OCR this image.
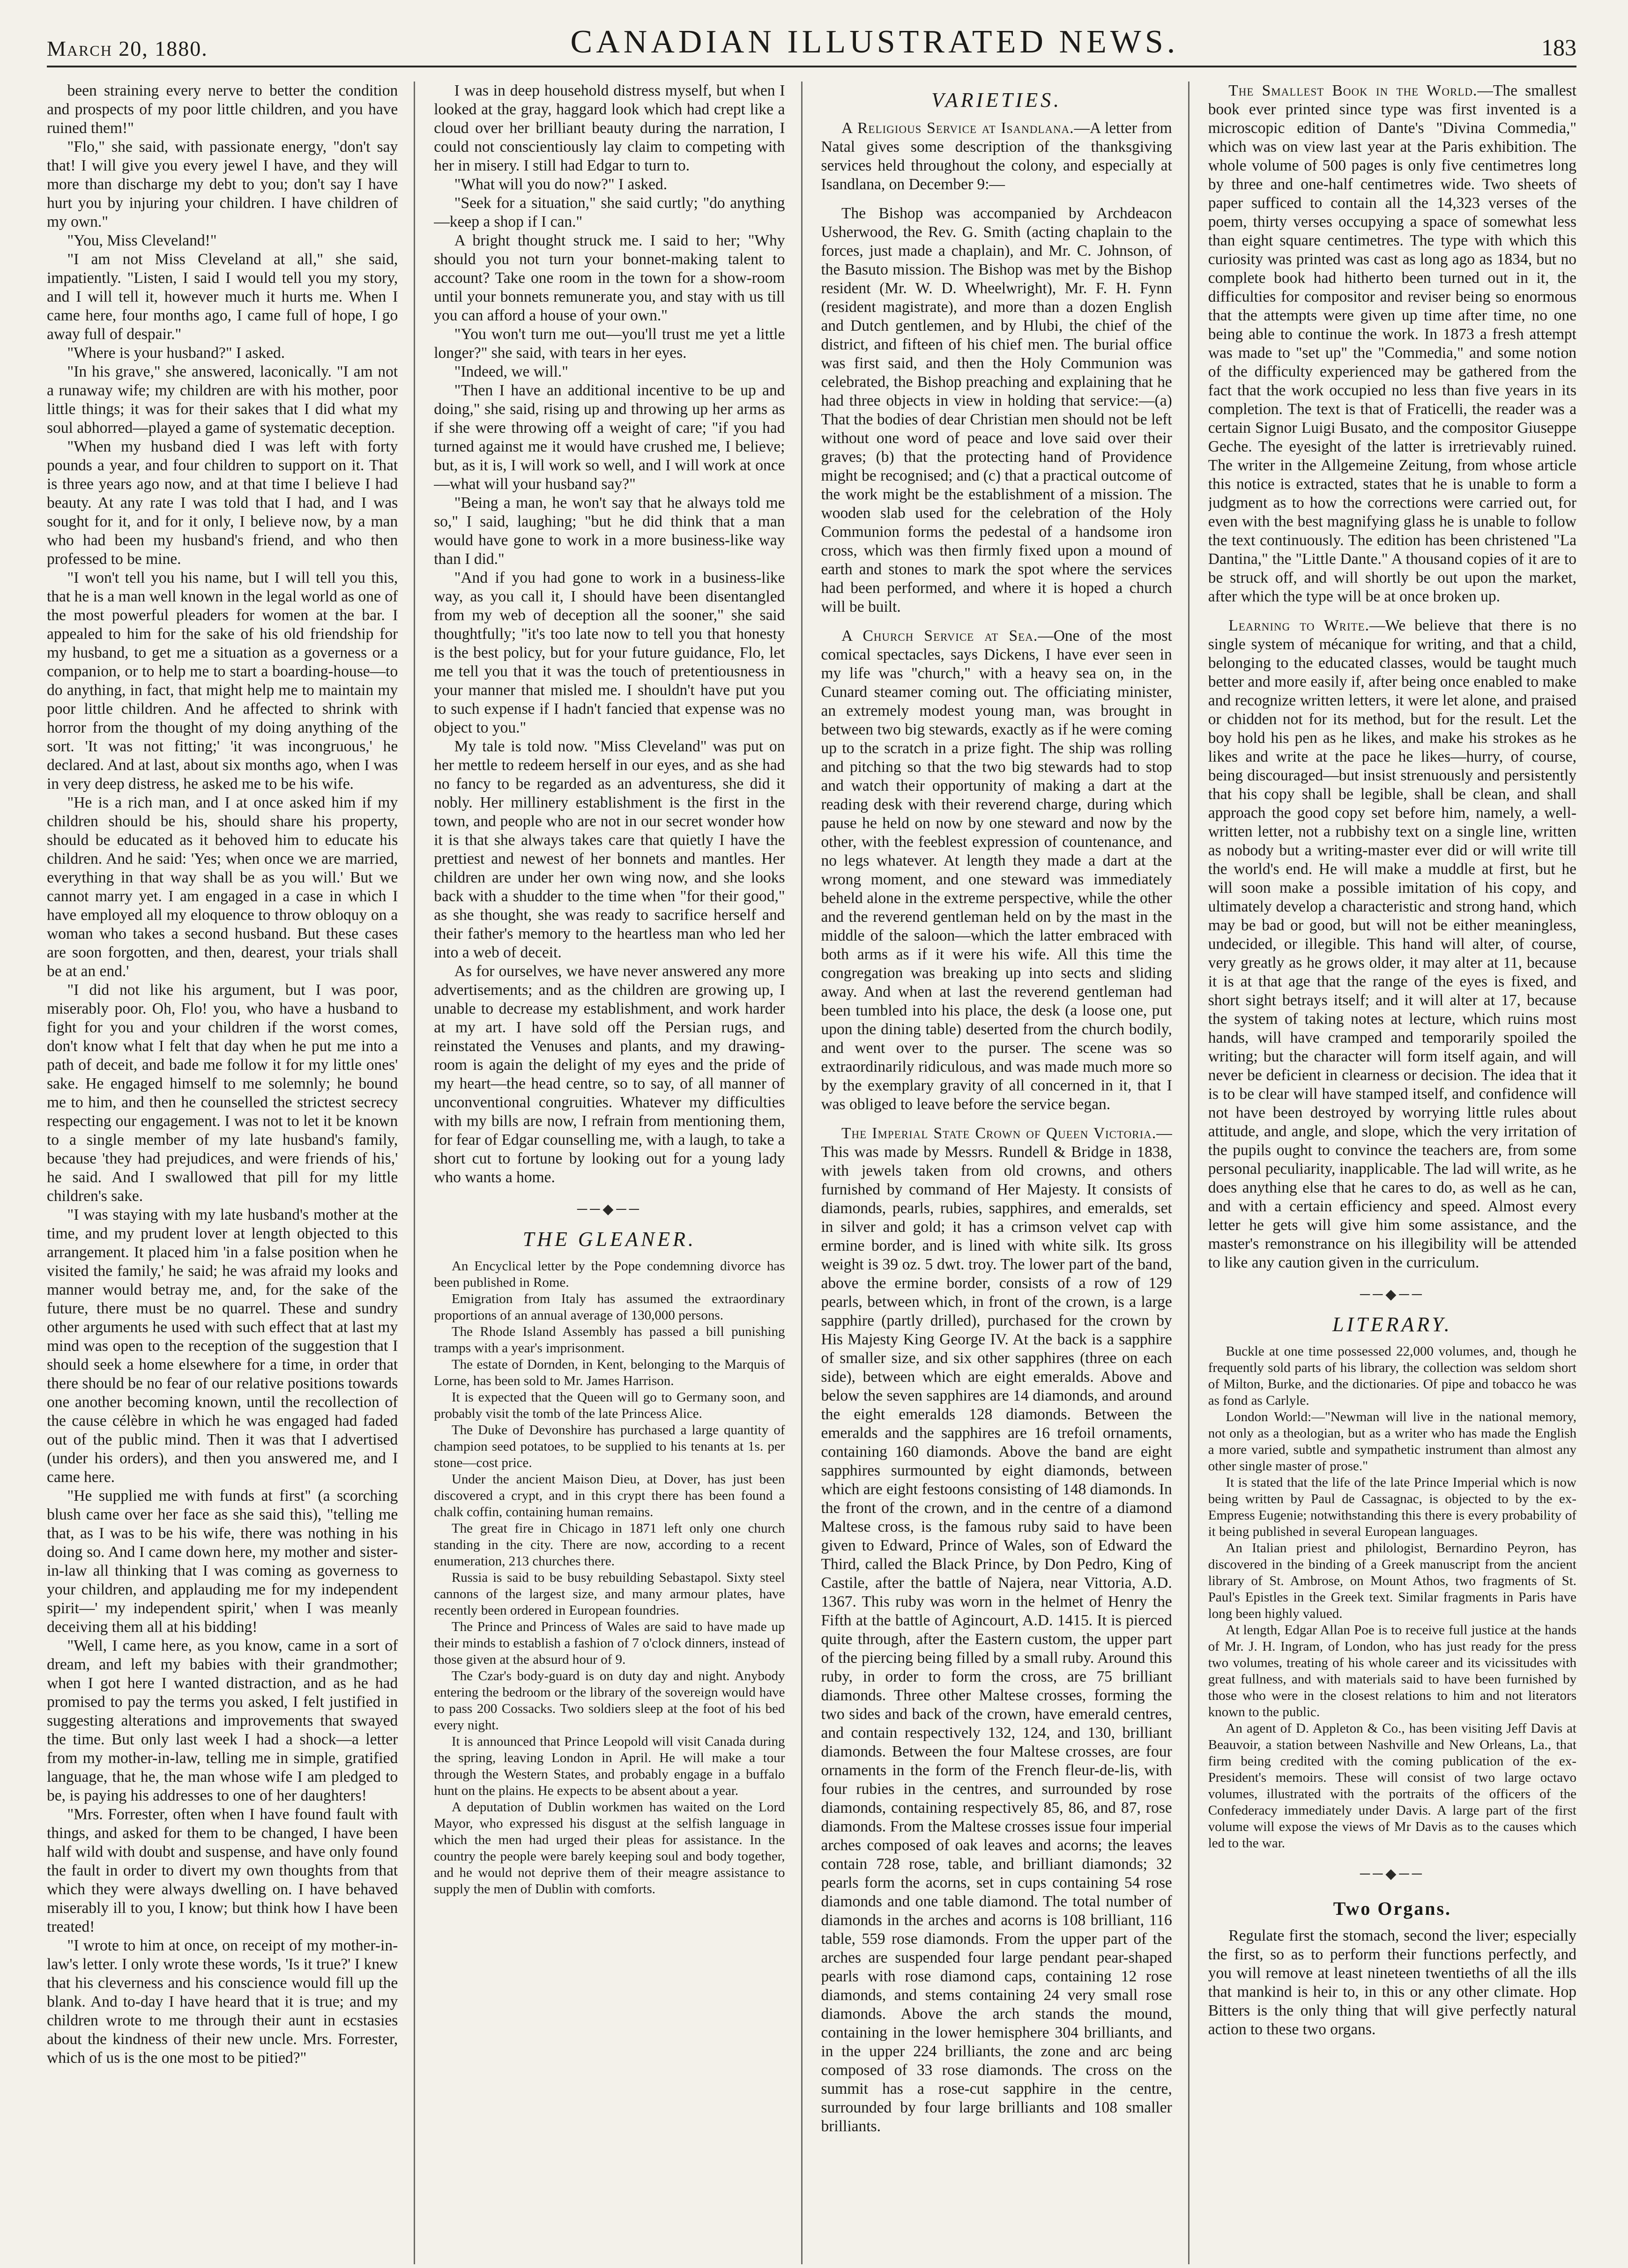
March 20, 1880.	CANADIAN ILLUSTRATED NEWS.	183

been straining every nerve to better the condition and prospects of my poor little children, and you have ruined them!"

"Flo," she said, with passionate energy, "don't say that! I will give you every jewel I have, and they will more than discharge my debt to you; don't say I have hurt you by injuring your children. I have children of my own."

"You, Miss Cleveland!"

"I am not Miss Cleveland at all," she said, impatiently. "Listen, I said I would tell you my story, and I will tell it, however much it hurts me. When I came here, four months ago, I came full of hope, I go away full of despair."

"Where is your husband?" I asked.

"In his grave," she answered, laconically. "I am not a runaway wife; my children are with his mother, poor little things; it was for their sakes that I did what my soul abhorred—played a game of systematic deception.

"When my husband died I was left with forty pounds a year, and four children to support on it. That is three years ago now, and at that time I believe I had beauty. At any rate I was told that I had, and I was sought for it, and for it only, I believe now, by a man who had been my husband's friend, and who then professed to be mine.

"I won't tell you his name, but I will tell you this, that he is a man well known in the legal world as one of the most powerful pleaders for women at the bar. I appealed to him for the sake of his old friendship for my husband, to get me a situation as a governess or a companion, or to help me to start a boarding-house—to do anything, in fact, that might help me to maintain my poor little children. And he affected to shrink with horror from the thought of my doing anything of the sort. 'It was not fitting;' 'it was incongruous,' he declared. And at last, about six months ago, when I was in very deep distress, he asked me to be his wife.

"He is a rich man, and I at once asked him if my children should be his, should share his property, should be educated as it behoved him to educate his children. And he said: 'Yes; when once we are married, everything in that way shall be as you will.' But we cannot marry yet. I am engaged in a case in which I have employed all my eloquence to throw obloquy on a woman who takes a second husband. But these cases are soon forgotten, and then, dearest, your trials shall be at an end.'

"I did not like his argument, but I was poor, miserably poor. Oh, Flo! you, who have a husband to fight for you and your children if the worst comes, don't know what I felt that day when he put me into a path of deceit, and bade me follow it for my little ones' sake. He engaged himself to me solemnly; he bound me to him, and then he counselled the strictest secrecy respecting our engagement. I was not to let it be known to a single member of my late husband's family, because 'they had prejudices, and were friends of his,' he said. And I swallowed that pill for my little children's sake.

"I was staying with my late husband's mother at the time, and my prudent lover at length objected to this arrangement. It placed him 'in a false position when he visited the family,' he said; he was afraid my looks and manner would betray me, and, for the sake of the future, there must be no quarrel. These and sundry other arguments he used with such effect that at last my mind was open to the reception of the suggestion that I should seek a home elsewhere for a time, in order that there should be no fear of our relative positions towards one another becoming known, until the recollection of the cause célèbre in which he was engaged had faded out of the public mind. Then it was that I advertised (under his orders), and then you answered me, and I came here.

"He supplied me with funds at first" (a scorching blush came over her face as she said this), "telling me that, as I was to be his wife, there was nothing in his doing so. And I came down here, my mother and sister-in-law all thinking that I was coming as governess to your children, and applauding me for my independent spirit—' my independent spirit,' when I was meanly deceiving them all at his bidding!

"Well, I came here, as you know, came in a sort of dream, and left my babies with their grandmother; when I got here I wanted distraction, and as he had promised to pay the terms you asked, I felt justified in suggesting alterations and improvements that swayed the time. But only last week I had a shock—a letter from my mother-in-law, telling me in simple, gratified language, that he, the man whose wife I am pledged to be, is paying his addresses to one of her daughters!

"Mrs. Forrester, often when I have found fault with things, and asked for them to be changed, I have been half wild with doubt and suspense, and have only found the fault in order to divert my own thoughts from that which they were always dwelling on. I have behaved miserably ill to you, I know; but think how I have been treated!

"I wrote to him at once, on receipt of my mother-in-law's letter. I only wrote these words, 'Is it true?' I knew that his cleverness and his conscience would fill up the blank. And to-day I have heard that it is true; and my children wrote to me through their aunt in ecstasies about the kindness of their new uncle. Mrs. Forrester, which of us is the one most to be pitied?"

I was in deep household distress myself, but when I looked at the gray, haggard look which had crept like a cloud over her brilliant beauty during the narration, I could not conscientiously lay claim to competing with her in misery. I still had Edgar to turn to.

"What will you do now?" I asked.

"Seek for a situation," she said curtly; "do anything—keep a shop if I can."

A bright thought struck me. I said to her; "Why should you not turn your bonnet-making talent to account? Take one room in the town for a show-room until your bonnets remunerate you, and stay with us till you can afford a house of your own."

"You won't turn me out—you'll trust me yet a little longer?" she said, with tears in her eyes.

"Indeed, we will."

"Then I have an additional incentive to be up and doing," she said, rising up and throwing up her arms as if she were throwing off a weight of care; "if you had turned against me it would have crushed me, I believe; but, as it is, I will work so well, and I will work at once—what will your husband say?"

"Being a man, he won't say that he always told me so," I said, laughing; "but he did think that a man would have gone to work in a more business-like way than I did."

"And if you had gone to work in a business-like way, as you call it, I should have been disentangled from my web of deception all the sooner," she said thoughtfully; "it's too late now to tell you that honesty is the best policy, but for your future guidance, Flo, let me tell you that it was the touch of pretentiousness in your manner that misled me. I shouldn't have put you to such expense if I hadn't fancied that expense was no object to you."

My tale is told now. "Miss Cleveland" was put on her mettle to redeem herself in our eyes, and as she had no fancy to be regarded as an adventuress, she did it nobly. Her millinery establishment is the first in the town, and people who are not in our secret wonder how it is that she always takes care that quietly I have the prettiest and newest of her bonnets and mantles. Her children are under her own wing now, and she looks back with a shudder to the time when "for their good," as she thought, she was ready to sacrifice herself and their father's memory to the heartless man who led her into a web of deceit.

As for ourselves, we have never answered any more advertisements; and as the children are growing up, I unable to decrease my establishment, and work harder at my art. I have sold off the Persian rugs, and reinstated the Venuses and plants, and my drawing-room is again the delight of my eyes and the pride of my heart—the head centre, so to say, of all manner of unconventional congruities. Whatever my difficulties with my bills are now, I refrain from mentioning them, for fear of Edgar counselling me, with a laugh, to take a short cut to fortune by looking out for a young lady who wants a home.

──◆──
THE GLEANER.

An Encyclical letter by the Pope condemning divorce has been published in Rome.

Emigration from Italy has assumed the extraordinary proportions of an annual average of 130,000 persons.

The Rhode Island Assembly has passed a bill punishing tramps with a year's imprisonment.

The estate of Dornden, in Kent, belonging to the Marquis of Lorne, has been sold to Mr. James Harrison.

It is expected that the Queen will go to Germany soon, and probably visit the tomb of the late Princess Alice.

The Duke of Devonshire has purchased a large quantity of champion seed potatoes, to be supplied to his tenants at 1s. per stone—cost price.

Under the ancient Maison Dieu, at Dover, has just been discovered a crypt, and in this crypt there has been found a chalk coffin, containing human remains.

The great fire in Chicago in 1871 left only one church standing in the city. There are now, according to a recent enumeration, 213 churches there.

Russia is said to be busy rebuilding Sebastapol. Sixty steel cannons of the largest size, and many armour plates, have recently been ordered in European foundries.

The Prince and Princess of Wales are said to have made up their minds to establish a fashion of 7 o'clock dinners, instead of those given at the absurd hour of 9.

The Czar's body-guard is on duty day and night. Anybody entering the bedroom or the library of the sovereign would have to pass 200 Cossacks. Two soldiers sleep at the foot of his bed every night.

It is announced that Prince Leopold will visit Canada during the spring, leaving London in April. He will make a tour through the Western States, and probably engage in a buffalo hunt on the plains. He expects to be absent about a year.

A deputation of Dublin workmen has waited on the Lord Mayor, who expressed his disgust at the selfish language in which the men had urged their pleas for assistance. In the country the people were barely keeping soul and body together, and he would not deprive them of their meagre assistance to supply the men of Dublin with comforts.

VARIETIES.

A Religious Service at Isandlana.—A letter from Natal gives some description of the thanksgiving services held throughout the colony, and especially at Isandlana, on December 9:—

The Bishop was accompanied by Archdeacon Usherwood, the Rev. G. Smith (acting chaplain to the forces, just made a chaplain), and Mr. C. Johnson, of the Basuto mission. The Bishop was met by the Bishop resident (Mr. W. D. Wheelwright), Mr. F. H. Fynn (resident magistrate), and more than a dozen English and Dutch gentlemen, and by Hlubi, the chief of the district, and fifteen of his chief men. The burial office was first said, and then the Holy Communion was celebrated, the Bishop preaching and explaining that he had three objects in view in holding that service:—(a) That the bodies of dear Christian men should not be left without one word of peace and love said over their graves; (b) that the protecting hand of Providence might be recognised; and (c) that a practical outcome of the work might be the establishment of a mission. The wooden slab used for the celebration of the Holy Communion forms the pedestal of a handsome iron cross, which was then firmly fixed upon a mound of earth and stones to mark the spot where the services had been performed, and where it is hoped a church will be built.

A Church Service at Sea.—One of the most comical spectacles, says Dickens, I have ever seen in my life was "church," with a heavy sea on, in the Cunard steamer coming out. The officiating minister, an extremely modest young man, was brought in between two big stewards, exactly as if he were coming up to the scratch in a prize fight. The ship was rolling and pitching so that the two big stewards had to stop and watch their opportunity of making a dart at the reading desk with their reverend charge, during which pause he held on now by one steward and now by the other, with the feeblest expression of countenance, and no legs whatever. At length they made a dart at the wrong moment, and one steward was immediately beheld alone in the extreme perspective, while the other and the reverend gentleman held on by the mast in the middle of the saloon—which the latter embraced with both arms as if it were his wife. All this time the congregation was breaking up into sects and sliding away. And when at last the reverend gentleman had been tumbled into his place, the desk (a loose one, put upon the dining table) deserted from the church bodily, and went over to the purser. The scene was so extraordinarily ridiculous, and was made much more so by the exemplary gravity of all concerned in it, that I was obliged to leave before the service began.

The Imperial State Crown of Queen Victoria.—This was made by Messrs. Rundell & Bridge in 1838, with jewels taken from old crowns, and others furnished by command of Her Majesty. It consists of diamonds, pearls, rubies, sapphires, and emeralds, set in silver and gold; it has a crimson velvet cap with ermine border, and is lined with white silk. Its gross weight is 39 oz. 5 dwt. troy. The lower part of the band, above the ermine border, consists of a row of 129 pearls, between which, in front of the crown, is a large sapphire (partly drilled), purchased for the crown by His Majesty King George IV. At the back is a sapphire of smaller size, and six other sapphires (three on each side), between which are eight emeralds. Above and below the seven sapphires are 14 diamonds, and around the eight emeralds 128 diamonds. Between the emeralds and the sapphires are 16 trefoil ornaments, containing 160 diamonds. Above the band are eight sapphires surmounted by eight diamonds, between which are eight festoons consisting of 148 diamonds. In the front of the crown, and in the centre of a diamond Maltese cross, is the famous ruby said to have been given to Edward, Prince of Wales, son of Edward the Third, called the Black Prince, by Don Pedro, King of Castile, after the battle of Najera, near Vittoria, A.D. 1367. This ruby was worn in the helmet of Henry the Fifth at the battle of Agincourt, A.D. 1415. It is pierced quite through, after the Eastern custom, the upper part of the piercing being filled by a small ruby. Around this ruby, in order to form the cross, are 75 brilliant diamonds. Three other Maltese crosses, forming the two sides and back of the crown, have emerald centres, and contain respectively 132, 124, and 130, brilliant diamonds. Between the four Maltese crosses, are four ornaments in the form of the French fleur-de-lis, with four rubies in the centres, and surrounded by rose diamonds, containing respectively 85, 86, and 87, rose diamonds. From the Maltese crosses issue four imperial arches composed of oak leaves and acorns; the leaves contain 728 rose, table, and brilliant diamonds; 32 pearls form the acorns, set in cups containing 54 rose diamonds and one table diamond. The total number of diamonds in the arches and acorns is 108 brilliant, 116 table, 559 rose diamonds. From the upper part of the arches are suspended four large pendant pear-shaped pearls with rose diamond caps, containing 12 rose diamonds, and stems containing 24 very small rose diamonds. Above the arch stands the mound, containing in the lower hemisphere 304 brilliants, and in the upper 224 brilliants, the zone and arc being composed of 33 rose diamonds. The cross on the summit has a rose-cut sapphire in the centre, surrounded by four large brilliants and 108 smaller brilliants.

The Smallest Book in the World.—The smallest book ever printed since type was first invented is a microscopic edition of Dante's "Divina Commedia," which was on view last year at the Paris exhibition. The whole volume of 500 pages is only five centimetres long by three and one-half centimetres wide. Two sheets of paper sufficed to contain all the 14,323 verses of the poem, thirty verses occupying a space of somewhat less than eight square centimetres. The type with which this curiosity was printed was cast as long ago as 1834, but no complete book had hitherto been turned out in it, the difficulties for compositor and reviser being so enormous that the attempts were given up time after time, no one being able to continue the work. In 1873 a fresh attempt was made to "set up" the "Commedia," and some notion of the difficulty experienced may be gathered from the fact that the work occupied no less than five years in its completion. The text is that of Fraticelli, the reader was a certain Signor Luigi Busato, and the compositor Giuseppe Geche. The eyesight of the latter is irretrievably ruined. The writer in the Allgemeine Zeitung, from whose article this notice is extracted, states that he is unable to form a judgment as to how the corrections were carried out, for even with the best magnifying glass he is unable to follow the text continuously. The edition has been christened "La Dantina," the "Little Dante." A thousand copies of it are to be struck off, and will shortly be out upon the market, after which the type will be at once broken up.

Learning to Write.—We believe that there is no single system of mécanique for writing, and that a child, belonging to the educated classes, would be taught much better and more easily if, after being once enabled to make and recognize written letters, it were let alone, and praised or chidden not for its method, but for the result. Let the boy hold his pen as he likes, and make his strokes as he likes and write at the pace he likes—hurry, of course, being discouraged—but insist strenuously and persistently that his copy shall be legible, shall be clean, and shall approach the good copy set before him, namely, a well-written letter, not a rubbishy text on a single line, written as nobody but a writing-master ever did or will write till the world's end. He will make a muddle at first, but he will soon make a possible imitation of his copy, and ultimately develop a characteristic and strong hand, which may be bad or good, but will not be either meaningless, undecided, or illegible. This hand will alter, of course, very greatly as he grows older, it may alter at 11, because it is at that age that the range of the eyes is fixed, and short sight betrays itself; and it will alter at 17, because the system of taking notes at lecture, which ruins most hands, will have cramped and temporarily spoiled the writing; but the character will form itself again, and will never be deficient in clearness or decision. The idea that it is to be clear will have stamped itself, and confidence will not have been destroyed by worrying little rules about attitude, and angle, and slope, which the very irritation of the pupils ought to convince the teachers are, from some personal peculiarity, inapplicable. The lad will write, as he does anything else that he cares to do, as well as he can, and with a certain efficiency and speed. Almost every letter he gets will give him some assistance, and the master's remonstrance on his illegibility will be attended to like any caution given in the curriculum.

──◆──
LITERARY.

Buckle at one time possessed 22,000 volumes, and, though he frequently sold parts of his library, the collection was seldom short of Milton, Burke, and the dictionaries. Of pipe and tobacco he was as fond as Carlyle.

London World:—"Newman will live in the national memory, not only as a theologian, but as a writer who has made the English a more varied, subtle and sympathetic instrument than almost any other single master of prose."

It is stated that the life of the late Prince Imperial which is now being written by Paul de Cassagnac, is objected to by the ex-Empress Eugenie; notwithstanding this there is every probability of it being published in several European languages.

An Italian priest and philologist, Bernardino Peyron, has discovered in the binding of a Greek manuscript from the ancient library of St. Ambrose, on Mount Athos, two fragments of St. Paul's Epistles in the Greek text. Similar fragments in Paris have long been highly valued.

At length, Edgar Allan Poe is to receive full justice at the hands of Mr. J. H. Ingram, of London, who has just ready for the press two volumes, treating of his whole career and its vicissitudes with great fullness, and with materials said to have been furnished by those who were in the closest relations to him and not literators known to the public.

An agent of D. Appleton & Co., has been visiting Jeff Davis at Beauvoir, a station between Nashville and New Orleans, La., that firm being credited with the coming publication of the ex-President's memoirs. These will consist of two large octavo volumes, illustrated with the portraits of the officers of the Confederacy immediately under Davis. A large part of the first volume will expose the views of Mr Davis as to the causes which led to the war.

──◆──
Two Organs.

Regulate first the stomach, second the liver; especially the first, so as to perform their functions perfectly, and you will remove at least nineteen twentieths of all the ills that mankind is heir to, in this or any other climate. Hop Bitters is the only thing that will give perfectly natural action to these two organs.
